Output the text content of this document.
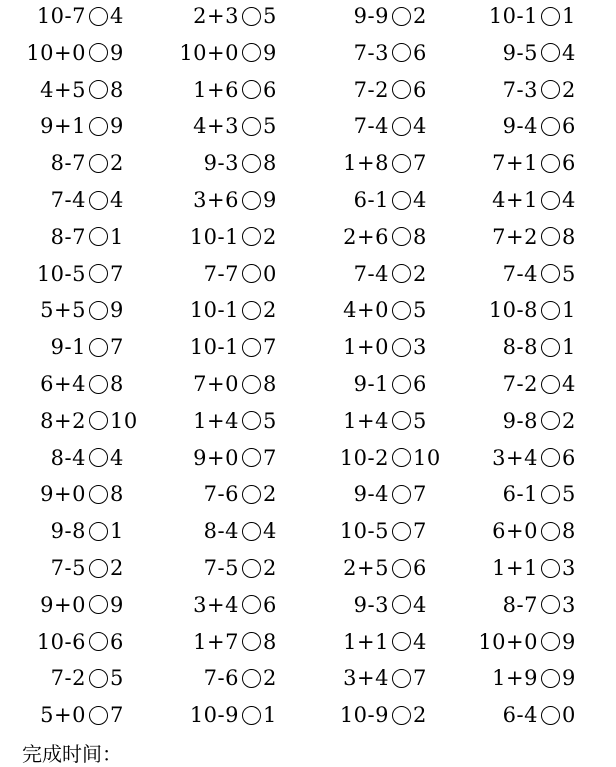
10-7 4	2+3 5	9-9 2	10-1 1
10+0 9	10+0 9	7-3 6	9-5 4
4+5 8	1+6 6	7-2 6	7-3 2
9+1 9	4+3 5	7-4 4	9-4 6
8-7 2	9-3 8	1+8 7	7+1 6
7-4 4	3+6 9	6-1 4	4+1 4
8-7 1	10-1 2	2+6 8	7+2 8
10-5 7	7-7 0	7-4 2	7-4 5
5+5 9	10-1 2	4+0 5	10-8 1
9-1 7	10-1 7	1+0 3	8-8 1
6+4 8	7+0 8	9-1 6	7-2 4
8+2 10	1+4 5	1+4 5	9-8 2
8-4 4	9+0 7	10-2 10	3+4 6
9+0 8	7-6 2	9-4 7	6-1 5
9-8 1	8-4 4	10-5 7	6+0 8
7-5 2	7-5 2	2+5 6	1+1 3
9+0 9	3+4 6	9-3 4	8-7 3
10-6 6	1+7 8	1+1 4	10+0 9
7-2 5	7-6 2	3+4 7	1+9 9
5+0 7	10-9 1	10-9 2	6-4 0
完成时间：
